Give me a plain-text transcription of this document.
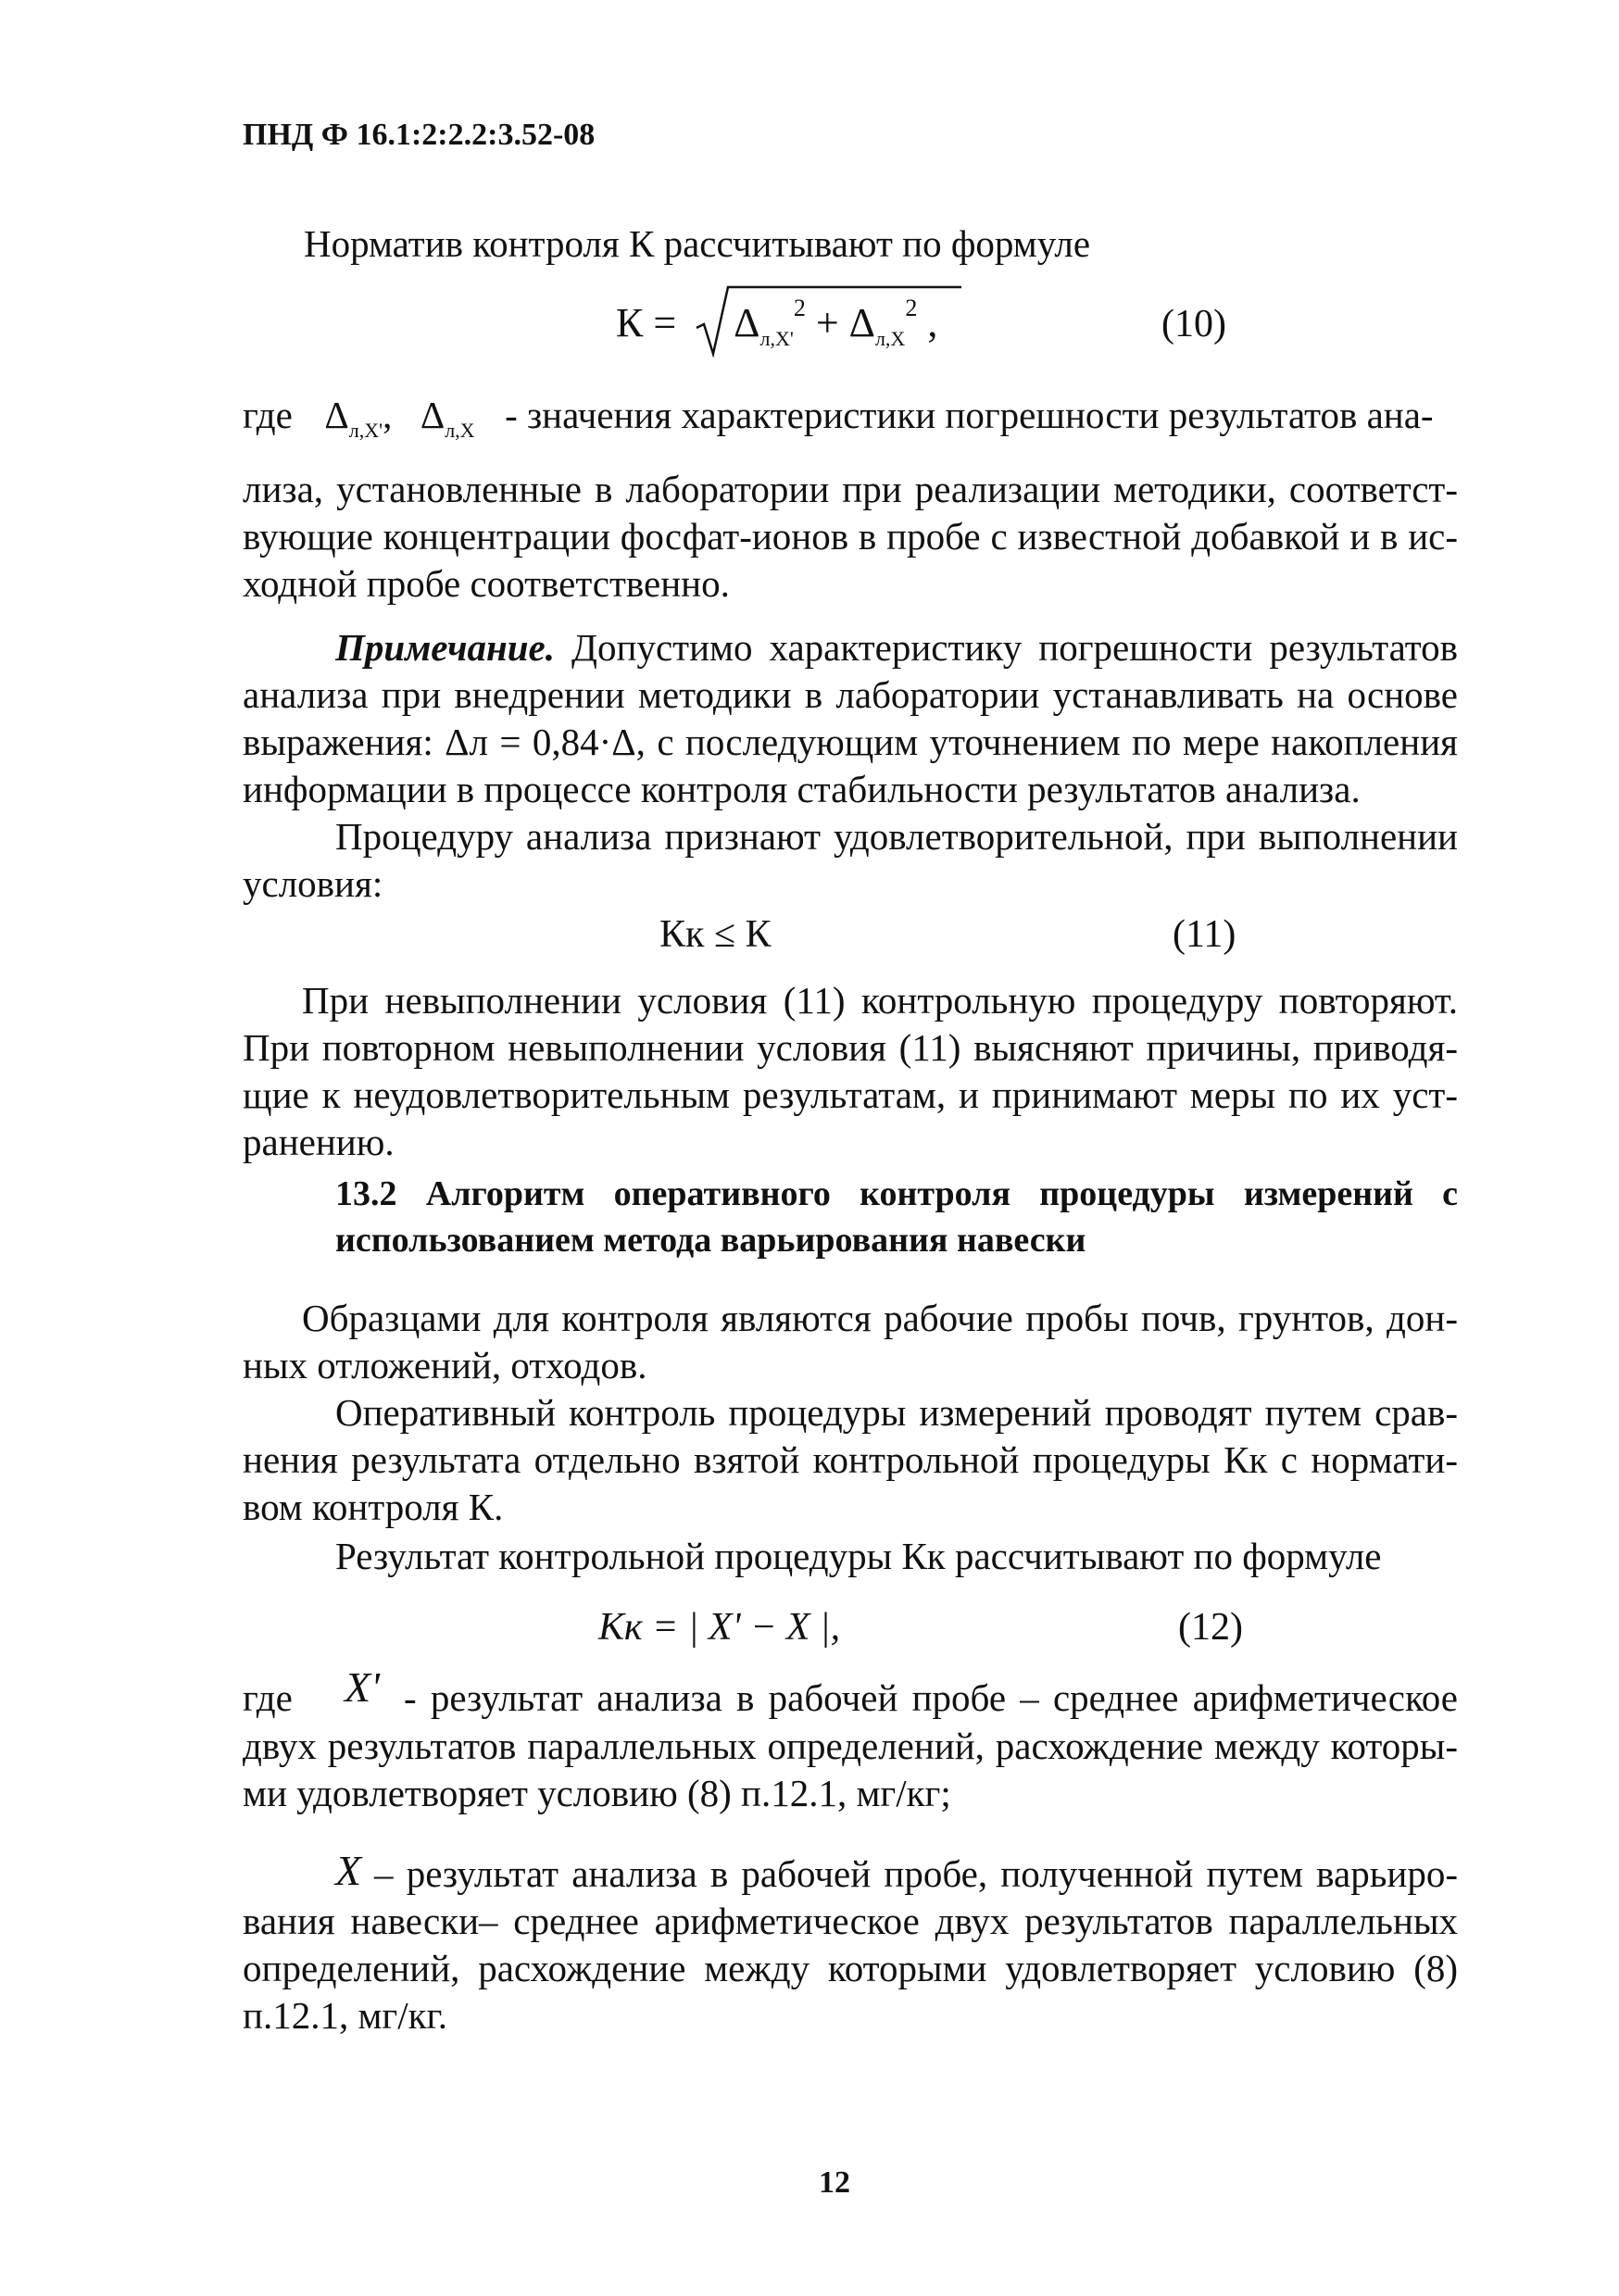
ПНД Ф 16.1:2:2.2:3.52-08
Норматив контроля К рассчитывают по формуле
$К = \Delta_{л,Х'}^2 + \Delta_{л,Х}^2$ ,	(10)
где $\Delta_{л,Х'}$, $\Delta_{л,Х}$ - значения характеристики погрешности результатов ана-
лиза, установленные в лаборатории при реализации методики, соответст-
вующие концентрации фосфат-ионов в пробе с известной добавкой и в ис-
ходной пробе соответственно.
Примечание. Допустимо характеристику погрешности результатов
анализа при внедрении методики в лаборатории устанавливать на основе
выражения: Δл = 0,84·Δ, с последующим уточнением по мере накопления
информации в процессе контроля стабильности результатов анализа.
Процедуру анализа признают удовлетворительной, при выполнении
условия:
Кк ≤ К	(11)
При невыполнении условия (11) контрольную процедуру повторяют.
При повторном невыполнении условия (11) выясняют причины, приводя-
щие к неудовлетворительным результатам, и принимают меры по их уст-
ранению.
13.2 Алгоритм оперативного контроля процедуры измерений с
использованием метода варьирования навески
Образцами для контроля являются рабочие пробы почв, грунтов, дон-
ных отложений, отходов.
Оперативный контроль процедуры измерений проводят путем срав-
нения результата отдельно взятой контрольной процедуры Кк с нормати-
вом контроля К.
Результат контрольной процедуры Кк рассчитывают по формуле
Кк = | X' − X |,	(12)
где X' - результат анализа в рабочей пробе – среднее арифметическое
двух результатов параллельных определений, расхождение между которы-
ми удовлетворяет условию (8) п.12.1, мг/кг;
X – результат анализа в рабочей пробе, полученной путем варьиро-
вания навески– среднее арифметическое двух результатов параллельных
определений, расхождение между которыми удовлетворяет условию (8)
п.12.1, мг/кг.
12
